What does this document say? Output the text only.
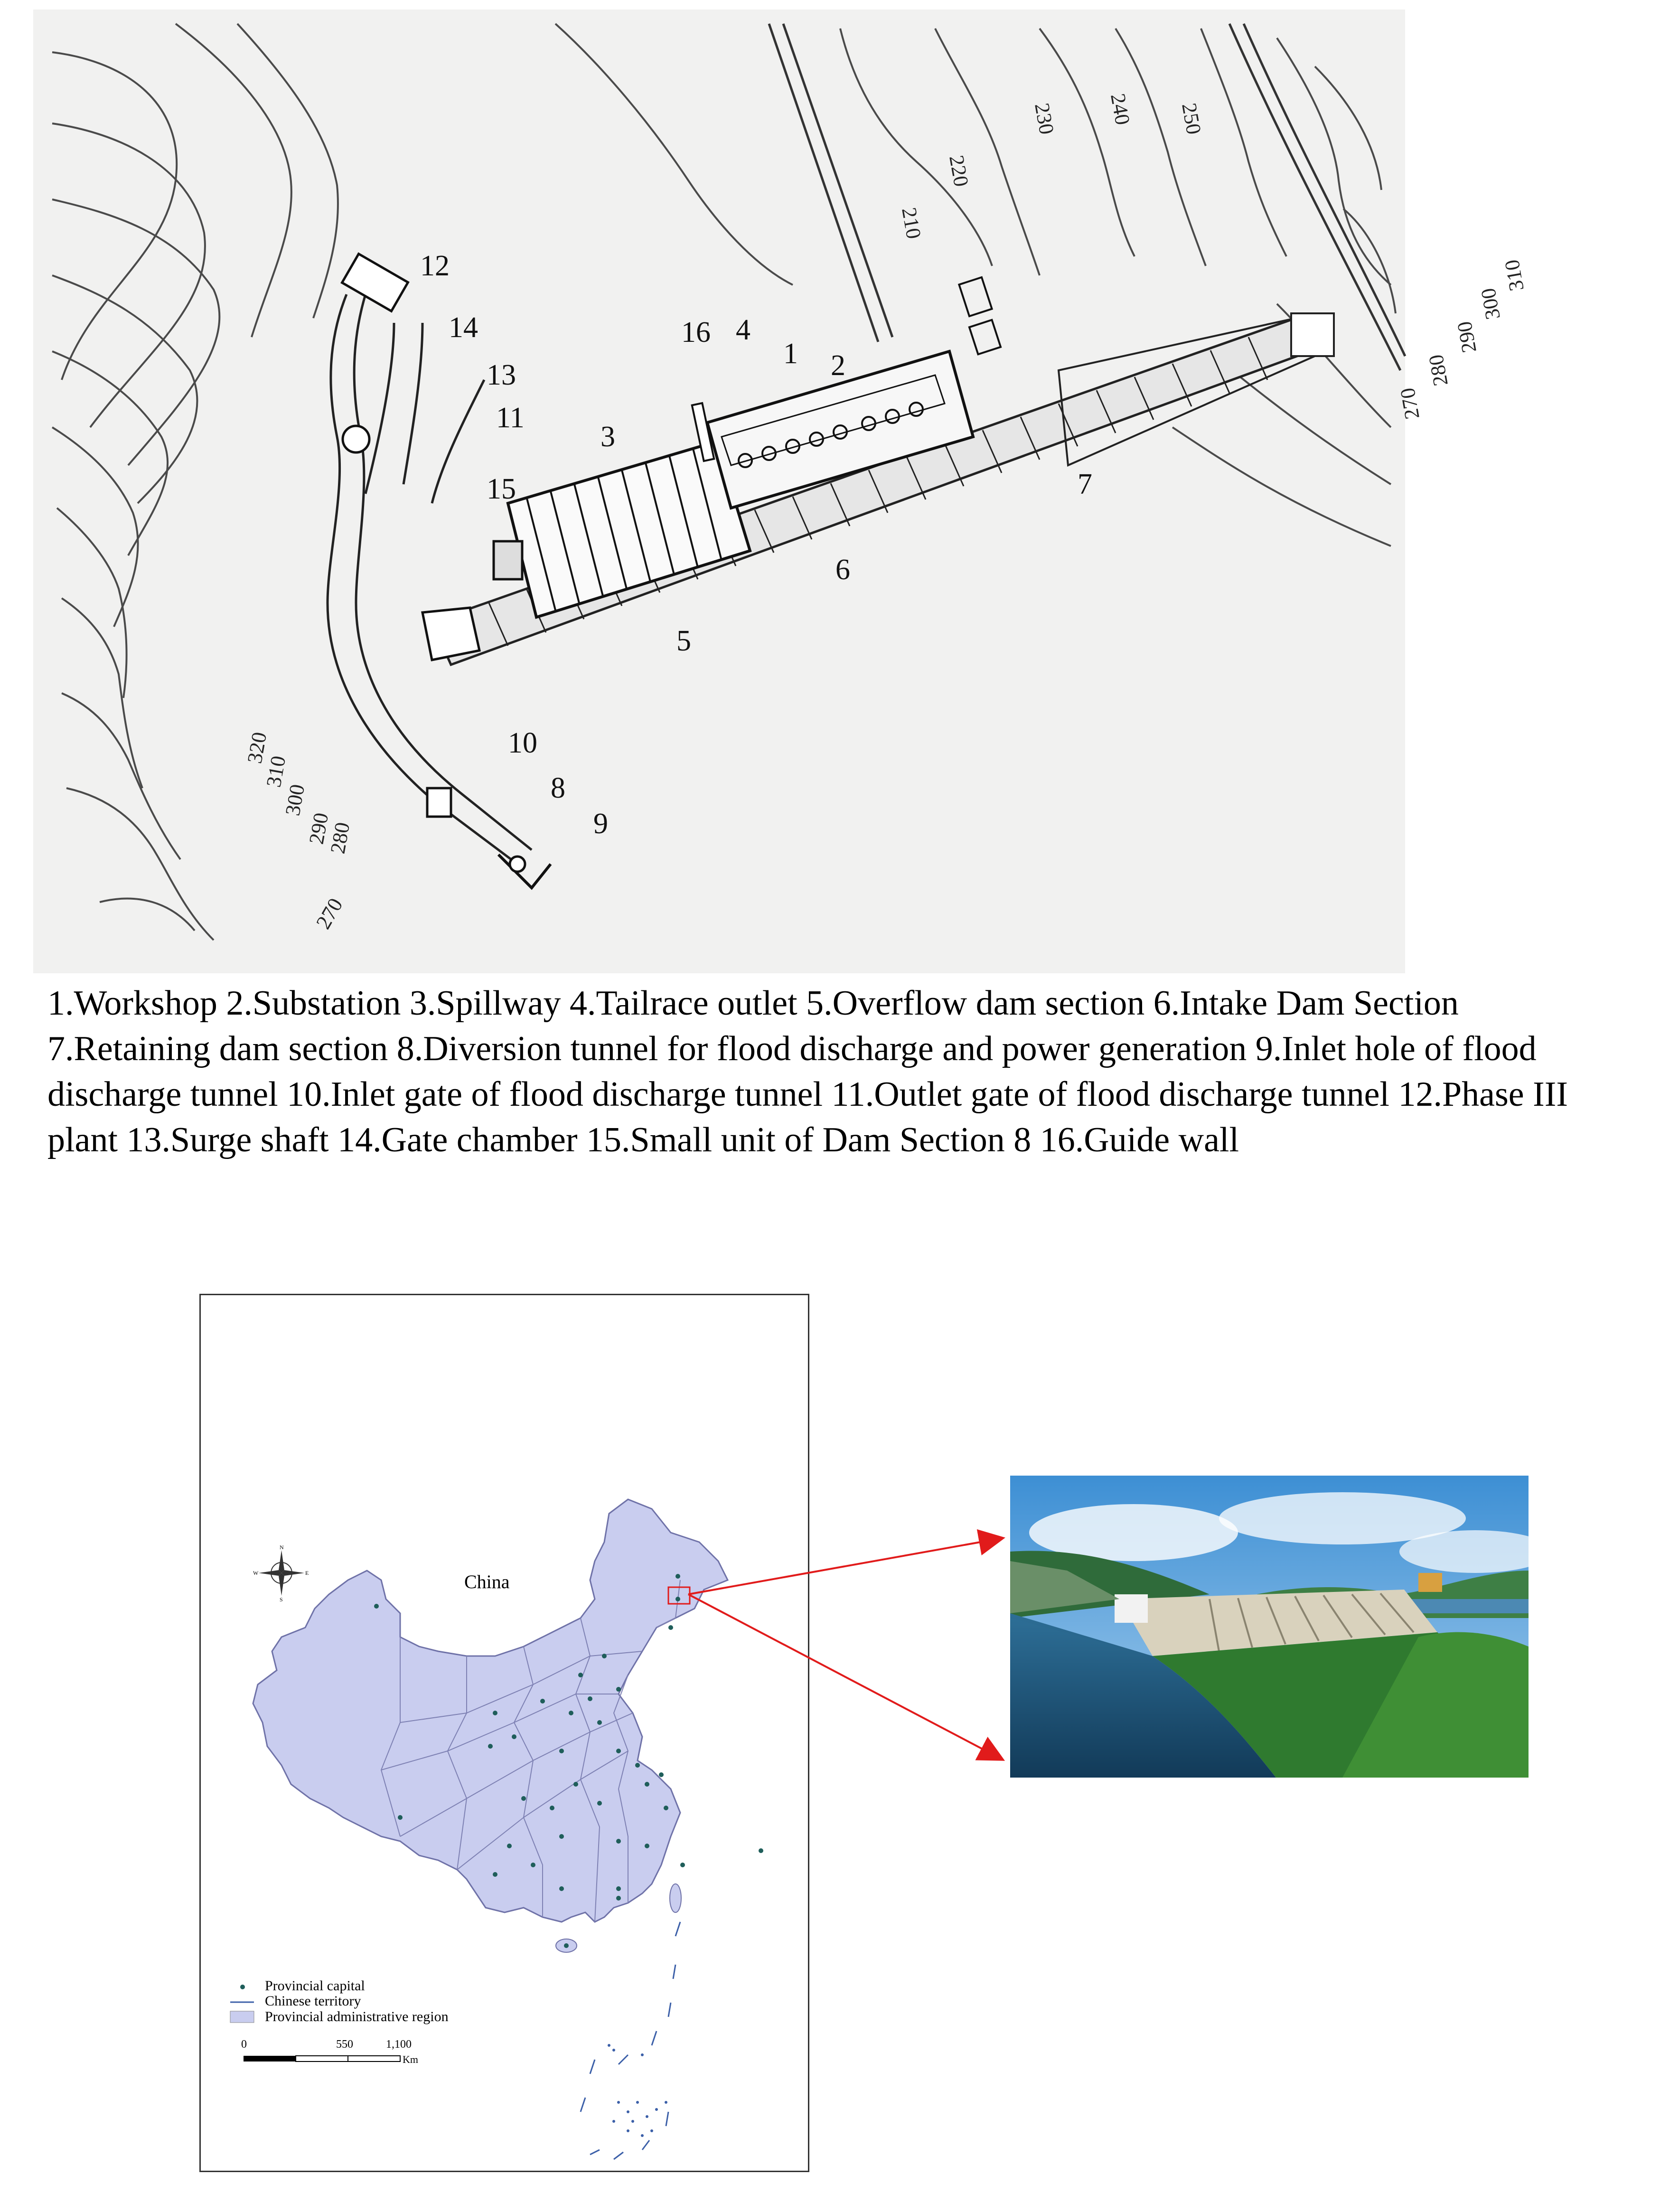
1 2
3
4
5
6
7
8
9
10
11
12
13
14
15
16
210
220
230 240 250
270
280
290
300
310
270
280
290
300
310
320
1.Workshop 2.Substation 3.Spillway 4.Tailrace outlet 5.Overflow dam section 6.Intake Dam Section 7.Retaining dam section 8.Diversion tunnel for flood discharge and power generation 9.Inlet hole of flood discharge tunnel 10.Inlet gate of flood discharge tunnel 11.Outlet gate of flood discharge tunnel 12.Phase III plant 13.Surge shaft 14.Gate chamber 15.Small unit of Dam Section 8 16.Guide wall
N
S
W	E	China
Provincial capital
Chinese territory
Provincial administrative region
0	550	1,100
Km
